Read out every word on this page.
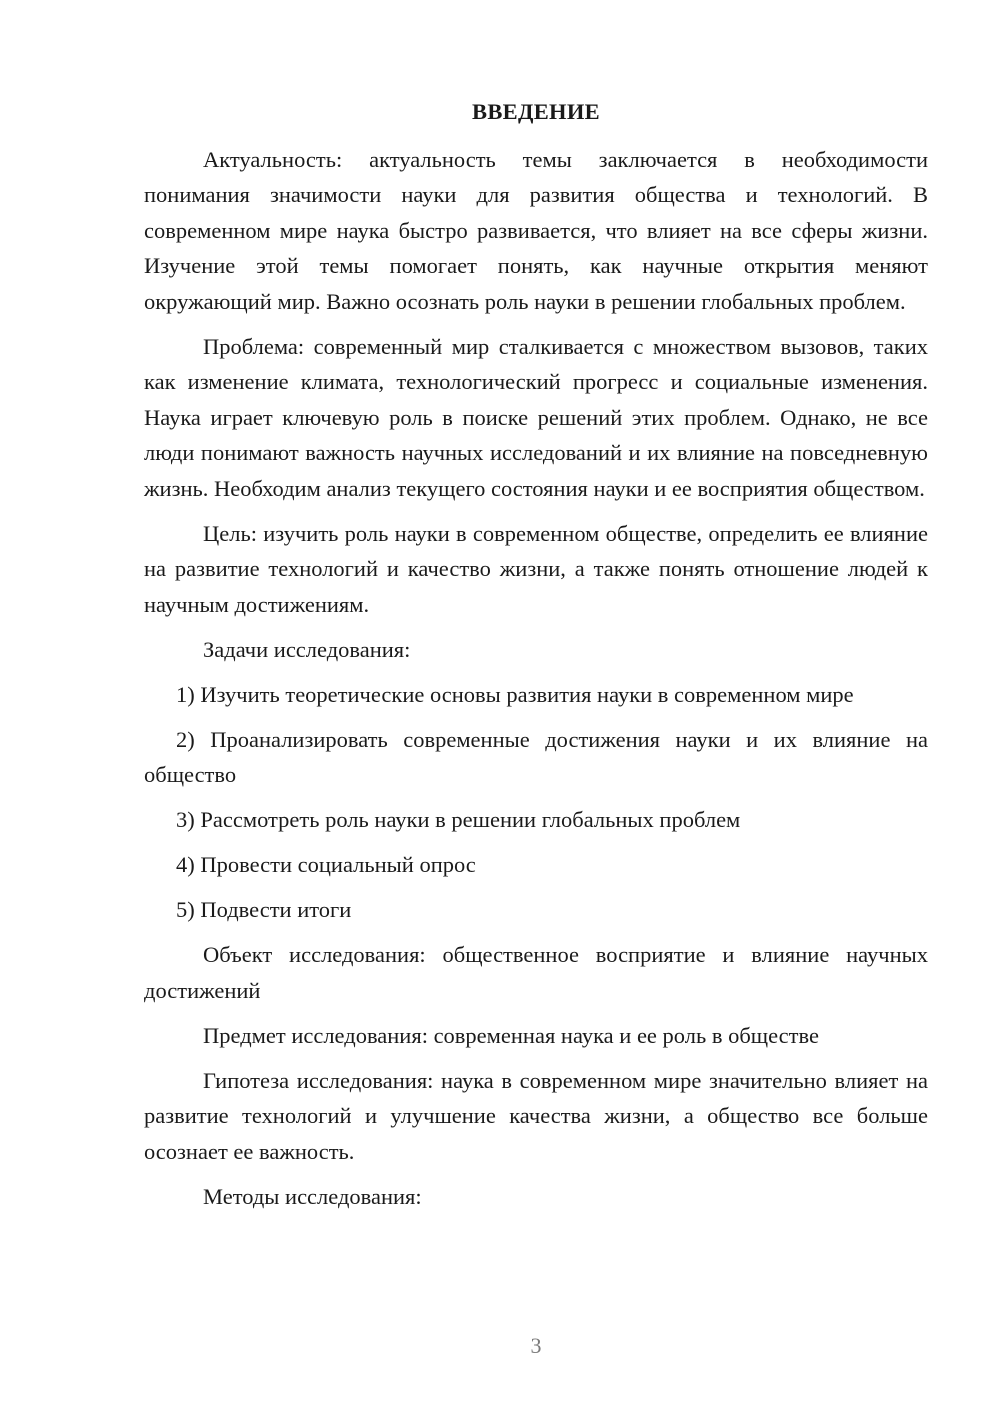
ВВЕДЕНИЕ

Актуальность: актуальность темы заключается в необходимости понимания значимости науки для развития общества и технологий. В современном мире наука быстро развивается, что влияет на все сферы жизни. Изучение этой темы помогает понять, как научные открытия меняют окружающий мир. Важно осознать роль науки в решении глобальных проблем.

Проблема: современный мир сталкивается с множеством вызовов, таких как изменение климата, технологический прогресс и социальные изменения. Наука играет ключевую роль в поиске решений этих проблем. Однако, не все люди понимают важность научных исследований и их влияние на повседневную жизнь. Необходим анализ текущего состояния науки и ее восприятия обществом.

Цель: изучить роль науки в современном обществе, определить ее влияние на развитие технологий и качество жизни, а также понять отношение людей к научным достижениям.

Задачи исследования:

1) Изучить теоретические основы развития науки в современном мире

2) Проанализировать современные достижения науки и их влияние на общество

3) Рассмотреть роль науки в решении глобальных проблем

4) Провести социальный опрос

5) Подвести итоги

Объект исследования: общественное восприятие и влияние научных достижений

Предмет исследования: современная наука и ее роль в обществе

Гипотеза исследования: наука в современном мире значительно влияет на развитие технологий и улучшение качества жизни, а общество все больше осознает ее важность.

Методы исследования:

3
